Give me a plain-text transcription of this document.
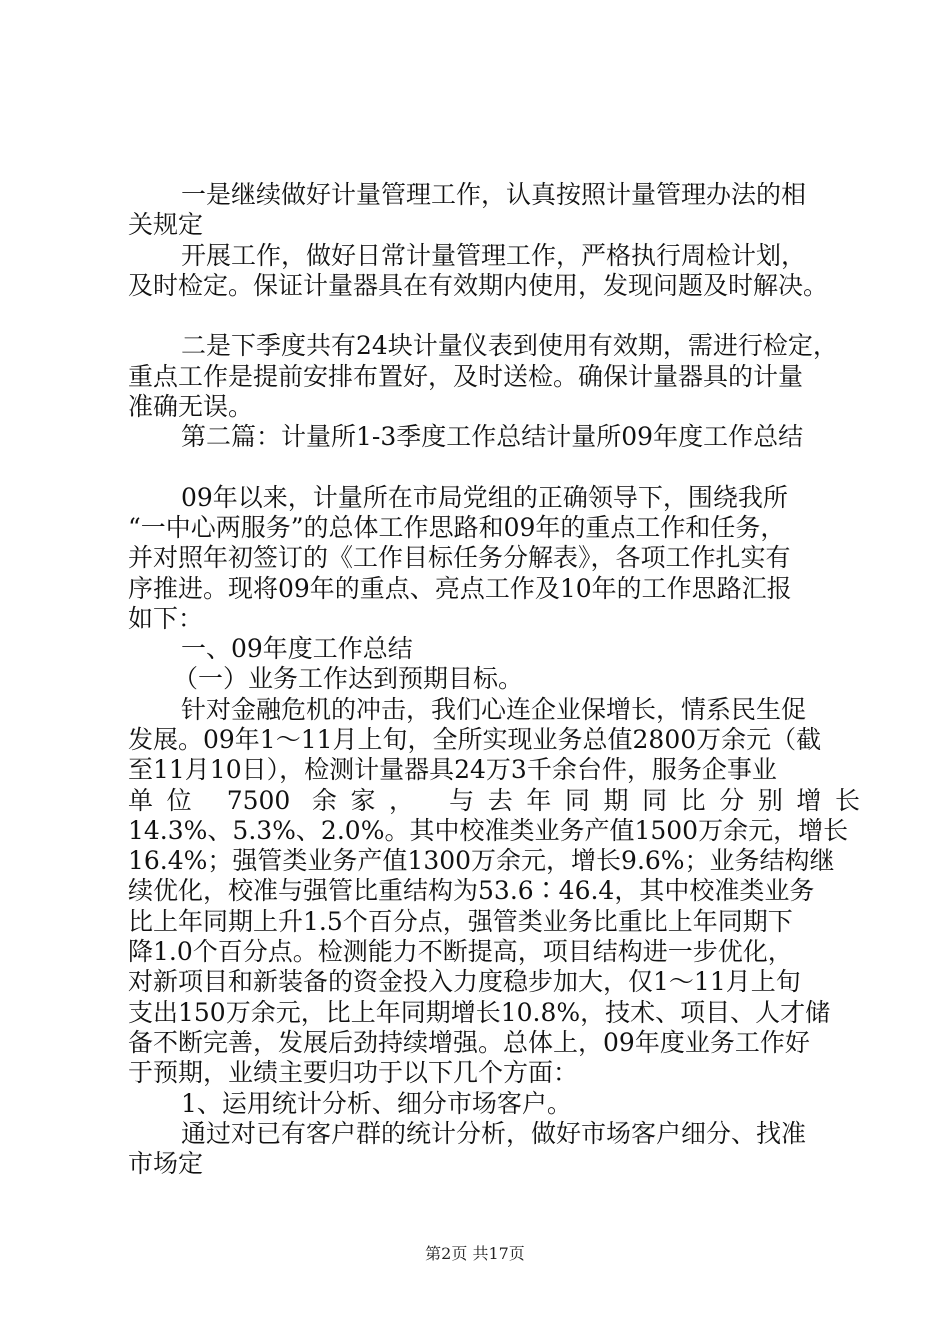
一是继续做好计量管理工作，认真按照计量管理办法的相

关规定

开展工作，做好日常计量管理工作，严格执行周检计划，

及时检定。保证计量器具在有效期内使用，发现问题及时解决。

二是下季度共有24块计量仪表到使用有效期，需进行检定，

重点工作是提前安排布置好，及时送检。确保计量器具的计量

准确无误。

第二篇：计量所1-3季度工作总结计量所09年度工作总结

09年以来，计量所在市局党组的正确领导下，围绕我所

“一中心两服务”的总体工作思路和09年的重点工作和任务，

并对照年初签订的《工作目标任务分解表》，各项工作扎实有

序推进。现将09年的重点、亮点工作及10年的工作思路汇报

如下：

一、09年度工作总结

（一）业务工作达到预期目标。

针对金融危机的冲击，我们心连企业保增长，情系民生促

发展。09年1～11月上旬，全所实现业务总值2800万余元（截

至11月10日），检测计量器具24万3千余台件，服务企事业

单位 7500 余家， 与去年同期同比分别增长

14.3%、5.3%、2.0%。其中校准类业务产值1500万余元，增长

16.4%；强管类业务产值1300万余元，增长9.6%；业务结构继

续优化，校准与强管比重结构为53.6∶46.4，其中校准类业务

比上年同期上升1.5个百分点，强管类业务比重比上年同期下

降1.0个百分点。检测能力不断提高，项目结构进一步优化，

对新项目和新装备的资金投入力度稳步加大，仅1～11月上旬

支出150万余元，比上年同期增长10.8%，技术、项目、人才储

备不断完善，发展后劲持续增强。总体上，09年度业务工作好

于预期，业绩主要归功于以下几个方面：

1、运用统计分析、细分市场客户。

通过对已有客户群的统计分析，做好市场客户细分、找准

市场定

第2页 共17页
